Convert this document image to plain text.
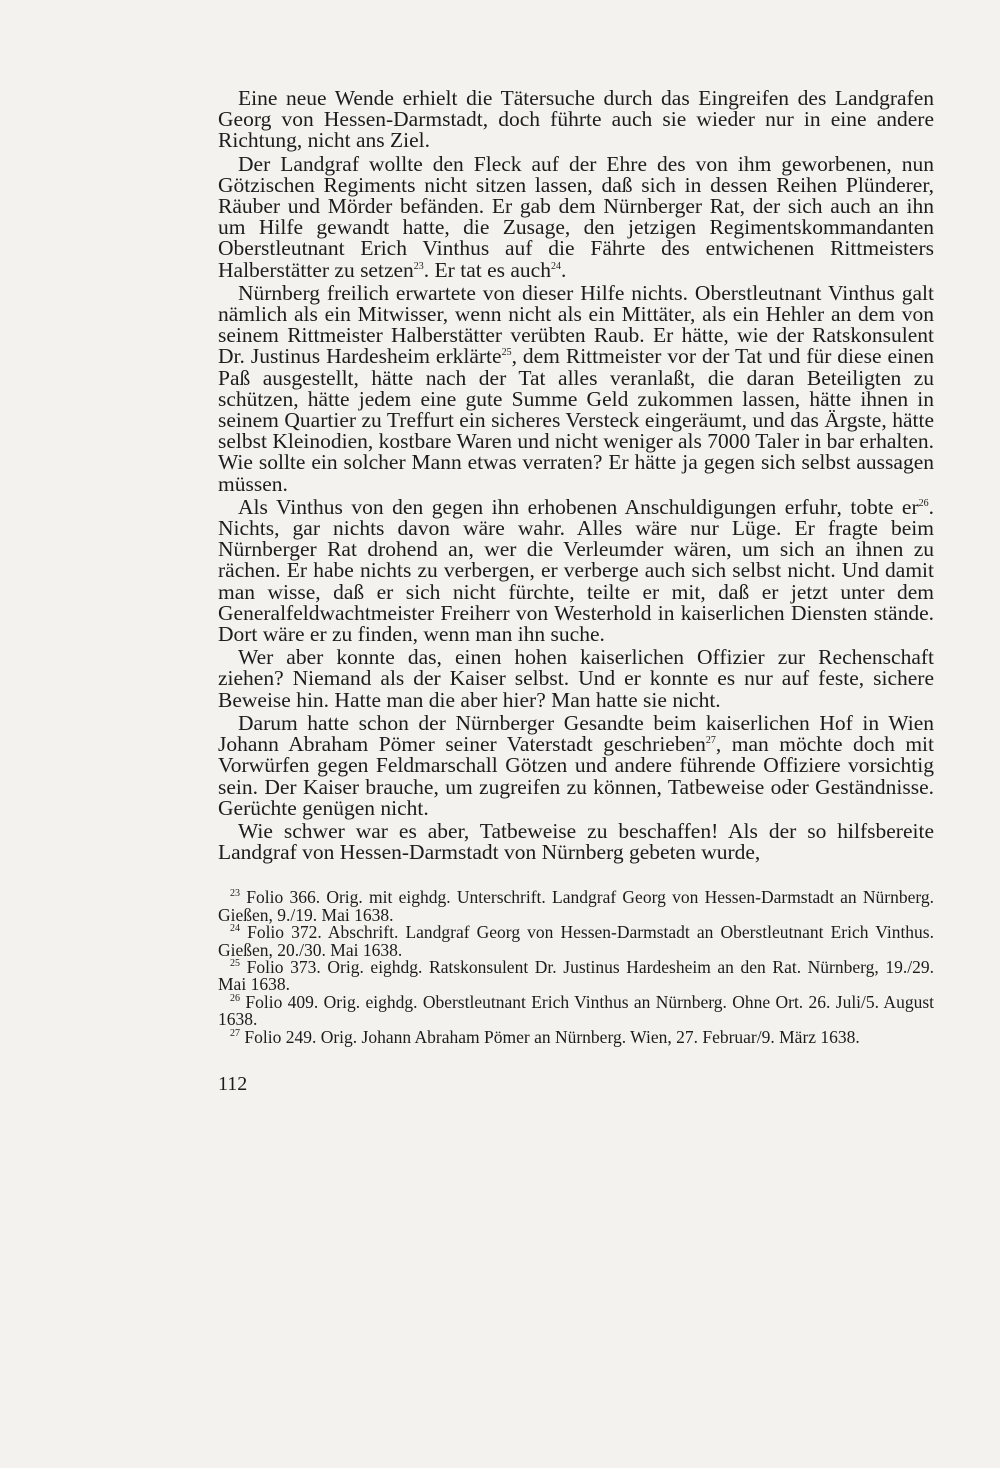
Eine neue Wende erhielt die Tätersuche durch das Eingreifen des Landgrafen Georg von Hessen-Darmstadt, doch führte auch sie wieder nur in eine andere Richtung, nicht ans Ziel.

Der Landgraf wollte den Fleck auf der Ehre des von ihm geworbenen, nun Götzischen Regiments nicht sitzen lassen, daß sich in dessen Reihen Plünderer, Räuber und Mörder befänden. Er gab dem Nürnberger Rat, der sich auch an ihn um Hilfe gewandt hatte, die Zusage, den jetzigen Regimentskommandanten Oberstleutnant Erich Vinthus auf die Fährte des entwichenen Rittmeisters Halberstätter zu setzen$^{23}$. Er tat es auch$^{24}$.

Nürnberg freilich erwartete von dieser Hilfe nichts. Oberstleutnant Vinthus galt nämlich als ein Mitwisser, wenn nicht als ein Mittäter, als ein Hehler an dem von seinem Rittmeister Halberstätter verübten Raub. Er hätte, wie der Ratskonsulent Dr. Justinus Hardesheim erklärte$^{25}$, dem Rittmeister vor der Tat und für diese einen Paß ausgestellt, hätte nach der Tat alles veranlaßt, die daran Beteiligten zu schützen, hätte jedem eine gute Summe Geld zukommen lassen, hätte ihnen in seinem Quartier zu Treffurt ein sicheres Versteck eingeräumt, und das Ärgste, hätte selbst Kleinodien, kostbare Waren und nicht weniger als 7000 Taler in bar erhalten. Wie sollte ein solcher Mann etwas verraten? Er hätte ja gegen sich selbst aussagen müssen.

Als Vinthus von den gegen ihn erhobenen Anschuldigungen erfuhr, tobte $er^{26}$. Nichts, gar nichts davon wäre wahr. Alles wäre nur Lüge. Er fragte beim Nürnberger Rat drohend an, wer die Verleumder wären, um sich an ihnen zu rächen. Er habe nichts zu verbergen, er verberge auch sich selbst nicht. Und damit man wisse, daß er sich nicht fürchte, teilte er mit, daß er jetzt unter dem Generalfeldwachtmeister Freiherr von Westerhold in kaiserlichen Diensten stände. Dort wäre er zu finden, wenn man ihn suche.

Wer aber konnte das, einen hohen kaiserlichen Offizier zur Rechenschaft ziehen? Niemand als der Kaiser selbst. Und er konnte es nur auf feste, sichere Beweise hin. Hatte man die aber hier? Man hatte sie nicht.

Darum hatte schon der Nürnberger Gesandte beim kaiserlichen Hof in Wien Johann Abraham Pömer seiner Vaterstadt geschrieben$^{27}$, man möchte doch mit Vorwürfen gegen Feldmarschall Götzen und andere führende Offiziere vorsichtig sein. Der Kaiser brauche, um zugreifen zu können, Tatbeweise oder Geständnisse. Gerüchte genügen nicht.

Wie schwer war es aber, Tatbeweise zu beschaffen! Als der so hilfsbereite Landgraf von Hessen-Darmstadt von Nürnberg gebeten wurde,

$^{23}$ Folio 366. Orig. mit eighdg. Unterschrift. Landgraf Georg von Hessen-Darmstadt an Nürnberg. Gießen, 9./19. Mai 1638.

$^{24}$ Folio 372. Abschrift. Landgraf Georg von Hessen-Darmstadt an Oberstleutnant Erich Vinthus. Gießen, 20./30. Mai 1638.

$^{25}$ Folio 373. Orig. eighdg. Ratskonsulent Dr. Justinus Hardesheim an den Rat. Nürnberg, 19./29. Mai 1638.

$^{26}$ Folio 409. Orig. eighdg. Oberstleutnant Erich Vinthus an Nürnberg. Ohne Ort. 26. Juli/5. August 1638.

$^{27}$ Folio 249. Orig. Johann Abraham Pömer an Nürnberg. Wien, 27. Februar/9. März 1638.

112
